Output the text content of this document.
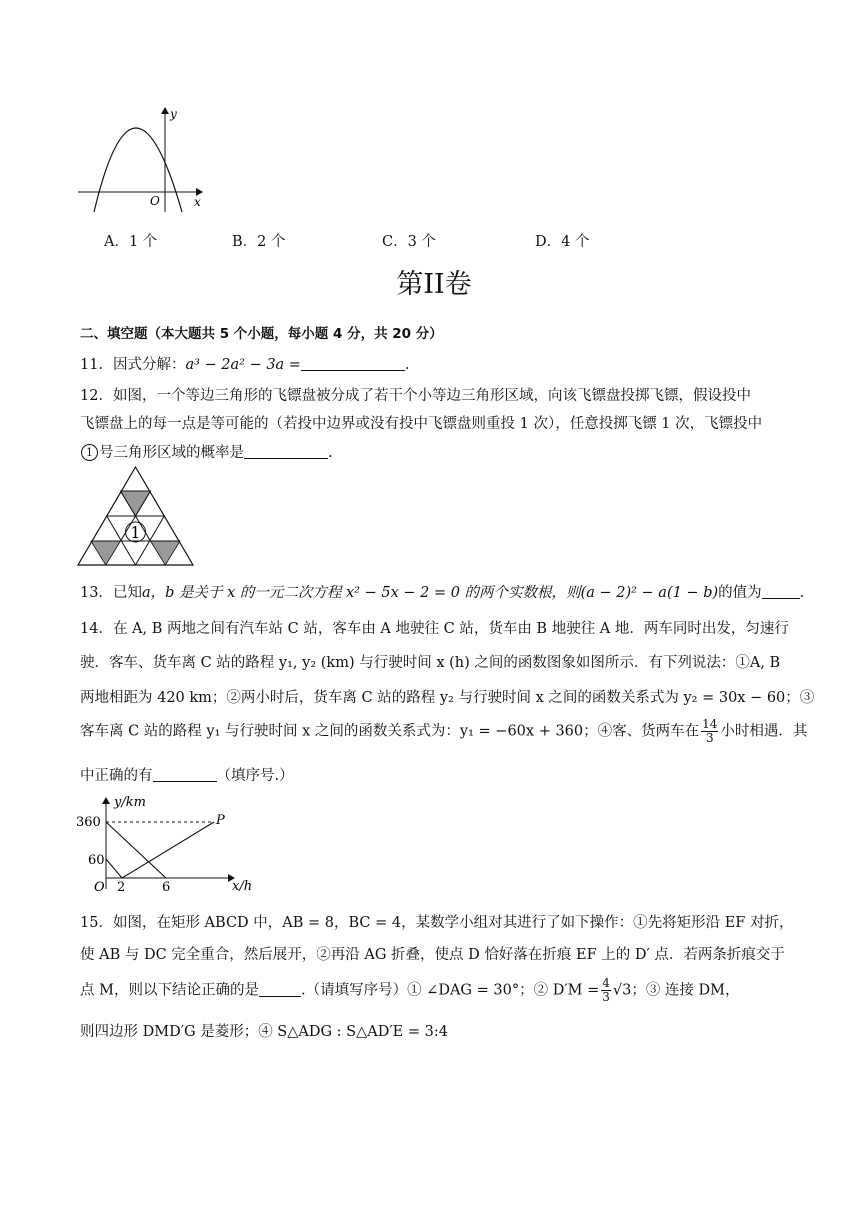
y
x
O
A．1 个	B．2 个	C．3 个	D．4 个
第II卷
二、填空题（本大题共 5 个小题，每小题 4 分，共 20 分）
11．因式分解：a³ − 2a² − 3a =	.
12．如图，一个等边三角形的飞镖盘被分成了若干个小等边三角形区域，向该飞镖盘投掷飞镖，假设投中
飞镖盘上的每一点是等可能的（若投中边界或没有投中飞镖盘则重投 1 次），任意投掷飞镖 1 次，飞镖投中
1 号三角形区域的概率是	.
1
13．已知a，b 是关于 x 的一元二次方程 x² − 5x − 2 = 0 的两个实数根，则(a − 2)² − a(1 − b)的值为	.
14．在 A, B 两地之间有汽车站 C 站，客车由 A 地驶往 C 站，货车由 B 地驶往 A 地．两车同时出发，匀速行
驶．客车、货车离 C 站的路程 y₁, y₂ (km) 与行驶时间 x (h) 之间的函数图象如图所示．有下列说法：①A, B
两地相距为 420 km；②两小时后，货车离 C 站的路程 y₂ 与行驶时间 x 之间的函数关系式为 y₂ = 30x − 60；③
客车离 C 站的路程 y₁ 与行驶时间 x 之间的函数关系式为：y₁ = −60x + 360；④客、货两车在 $\frac{14}{3}$ 小时相遇．其
中正确的有	（填序号.）
y/km
x/h
O
360
60
2	6
P
15．如图，在矩形 ABCD 中，AB = 8，BC = 4，某数学小组对其进行了如下操作：①先将矩形沿 EF 对折，
使 AB 与 DC 完全重合，然后展开，②再沿 AG 折叠，使点 D 恰好落在折痕 EF 上的 D′ 点．若两条折痕交于
点 M，则以下结论正确的是	.（请填写序号）① ∠DAG = 30°；② $D'M = \frac{4}{3} √3$；③ 连接 DM，
则四边形 DMD′G 是菱形；④ S△ADG : S△AD′E = 3:4
